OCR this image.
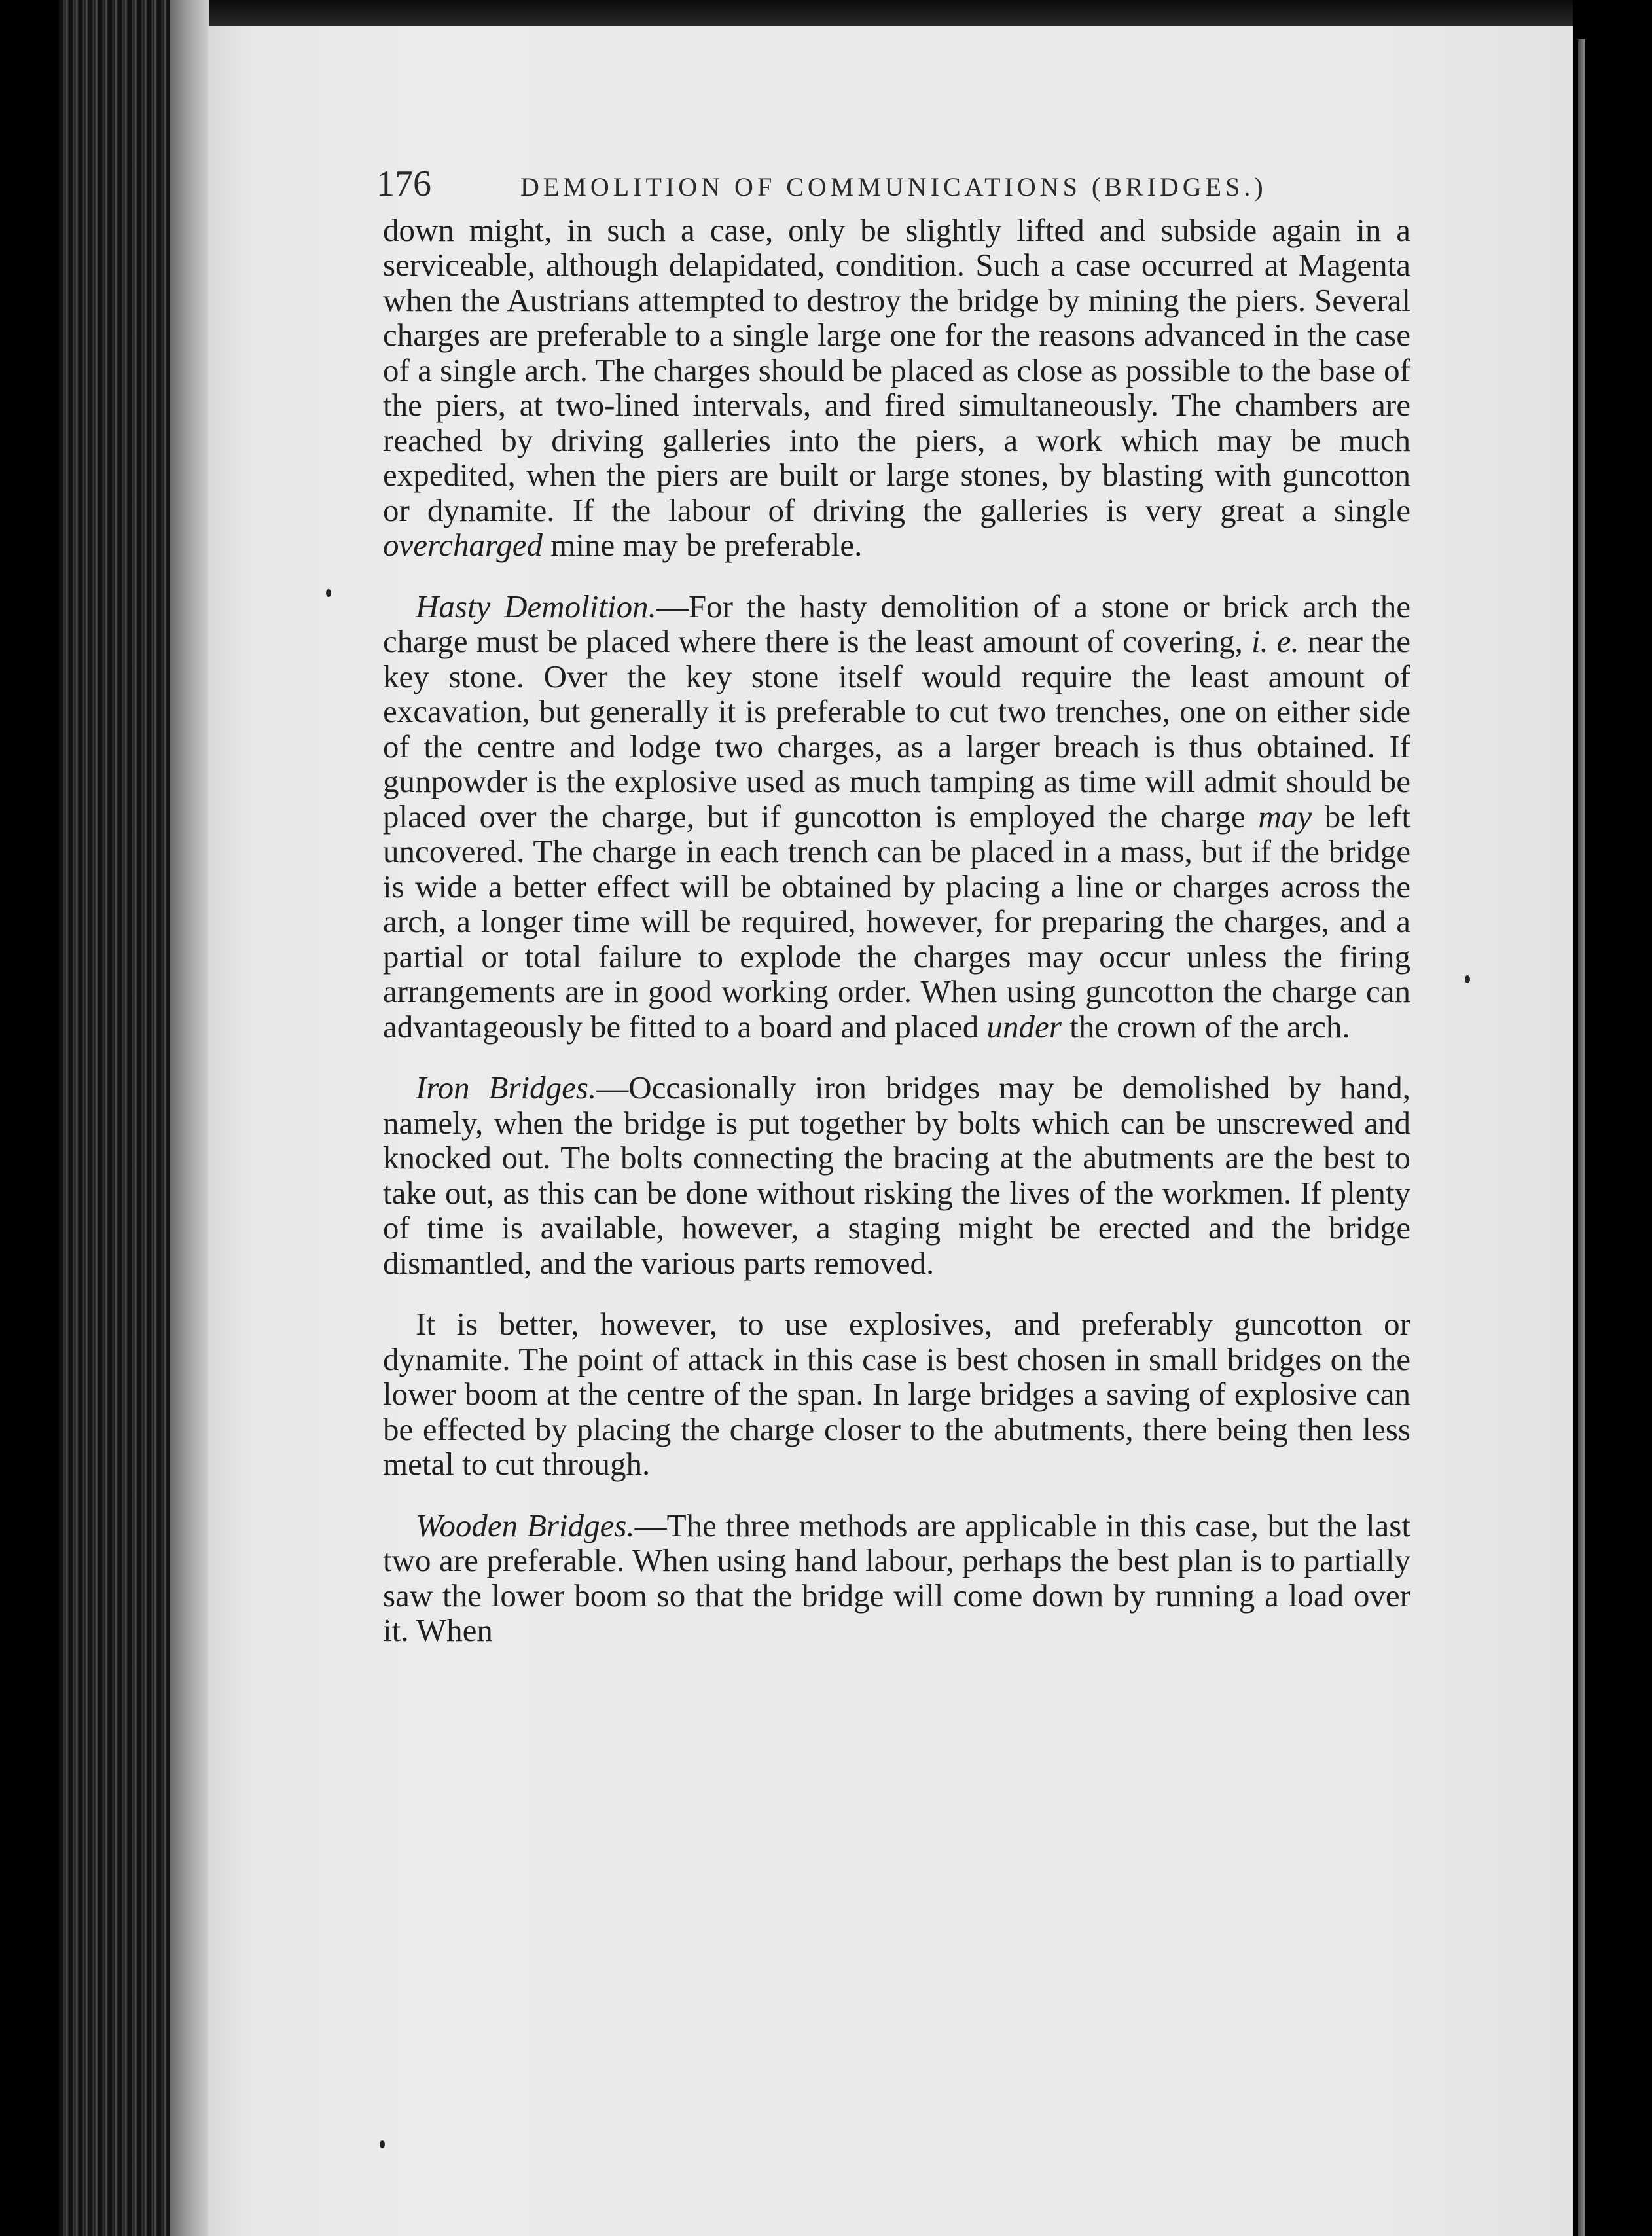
176	DEMOLITION OF COMMUNICATIONS (BRIDGES.)

down might, in such a case, only be slightly lifted and subside again in a serviceable, although delapidated, condition. Such a case occurred at Magenta when the Austrians attempted to destroy the bridge by mining the piers. Several charges are preferable to a single large one for the reasons advanced in the case of a single arch. The charges should be placed as close as possible to the base of the piers, at two-lined intervals, and fired simultaneously. The chambers are reached by driving galleries into the piers, a work which may be much expedited, when the piers are built or large stones, by blasting with guncotton or dynamite. If the labour of driving the galleries is very great a single overcharged mine may be preferable.

Hasty Demolition.—For the hasty demolition of a stone or brick arch the charge must be placed where there is the least amount of covering, i. e. near the key stone. Over the key stone itself would require the least amount of excavation, but generally it is preferable to cut two trenches, one on either side of the centre and lodge two charges, as a larger breach is thus obtained. If gunpowder is the explosive used as much tamping as time will admit should be placed over the charge, but if guncotton is employed the charge may be left uncovered. The charge in each trench can be placed in a mass, but if the bridge is wide a better effect will be obtained by placing a line or charges across the arch, a longer time will be required, however, for preparing the charges, and a partial or total failure to explode the charges may occur unless the firing arrangements are in good working order. When using guncotton the charge can advantageously be fitted to a board and placed under the crown of the arch.

Iron Bridges.—Occasionally iron bridges may be demolished by hand, namely, when the bridge is put together by bolts which can be unscrewed and knocked out. The bolts connecting the bracing at the abutments are the best to take out, as this can be done without risking the lives of the workmen. If plenty of time is available, however, a staging might be erected and the bridge dismantled, and the various parts removed.

It is better, however, to use explosives, and preferably guncotton or dynamite. The point of attack in this case is best chosen in small bridges on the lower boom at the centre of the span. In large bridges a saving of explosive can be effected by placing the charge closer to the abutments, there being then less metal to cut through.

Wooden Bridges.—The three methods are applicable in this case, but the last two are preferable. When using hand labour, perhaps the best plan is to partially saw the lower boom so that the bridge will come down by running a load over it. When
